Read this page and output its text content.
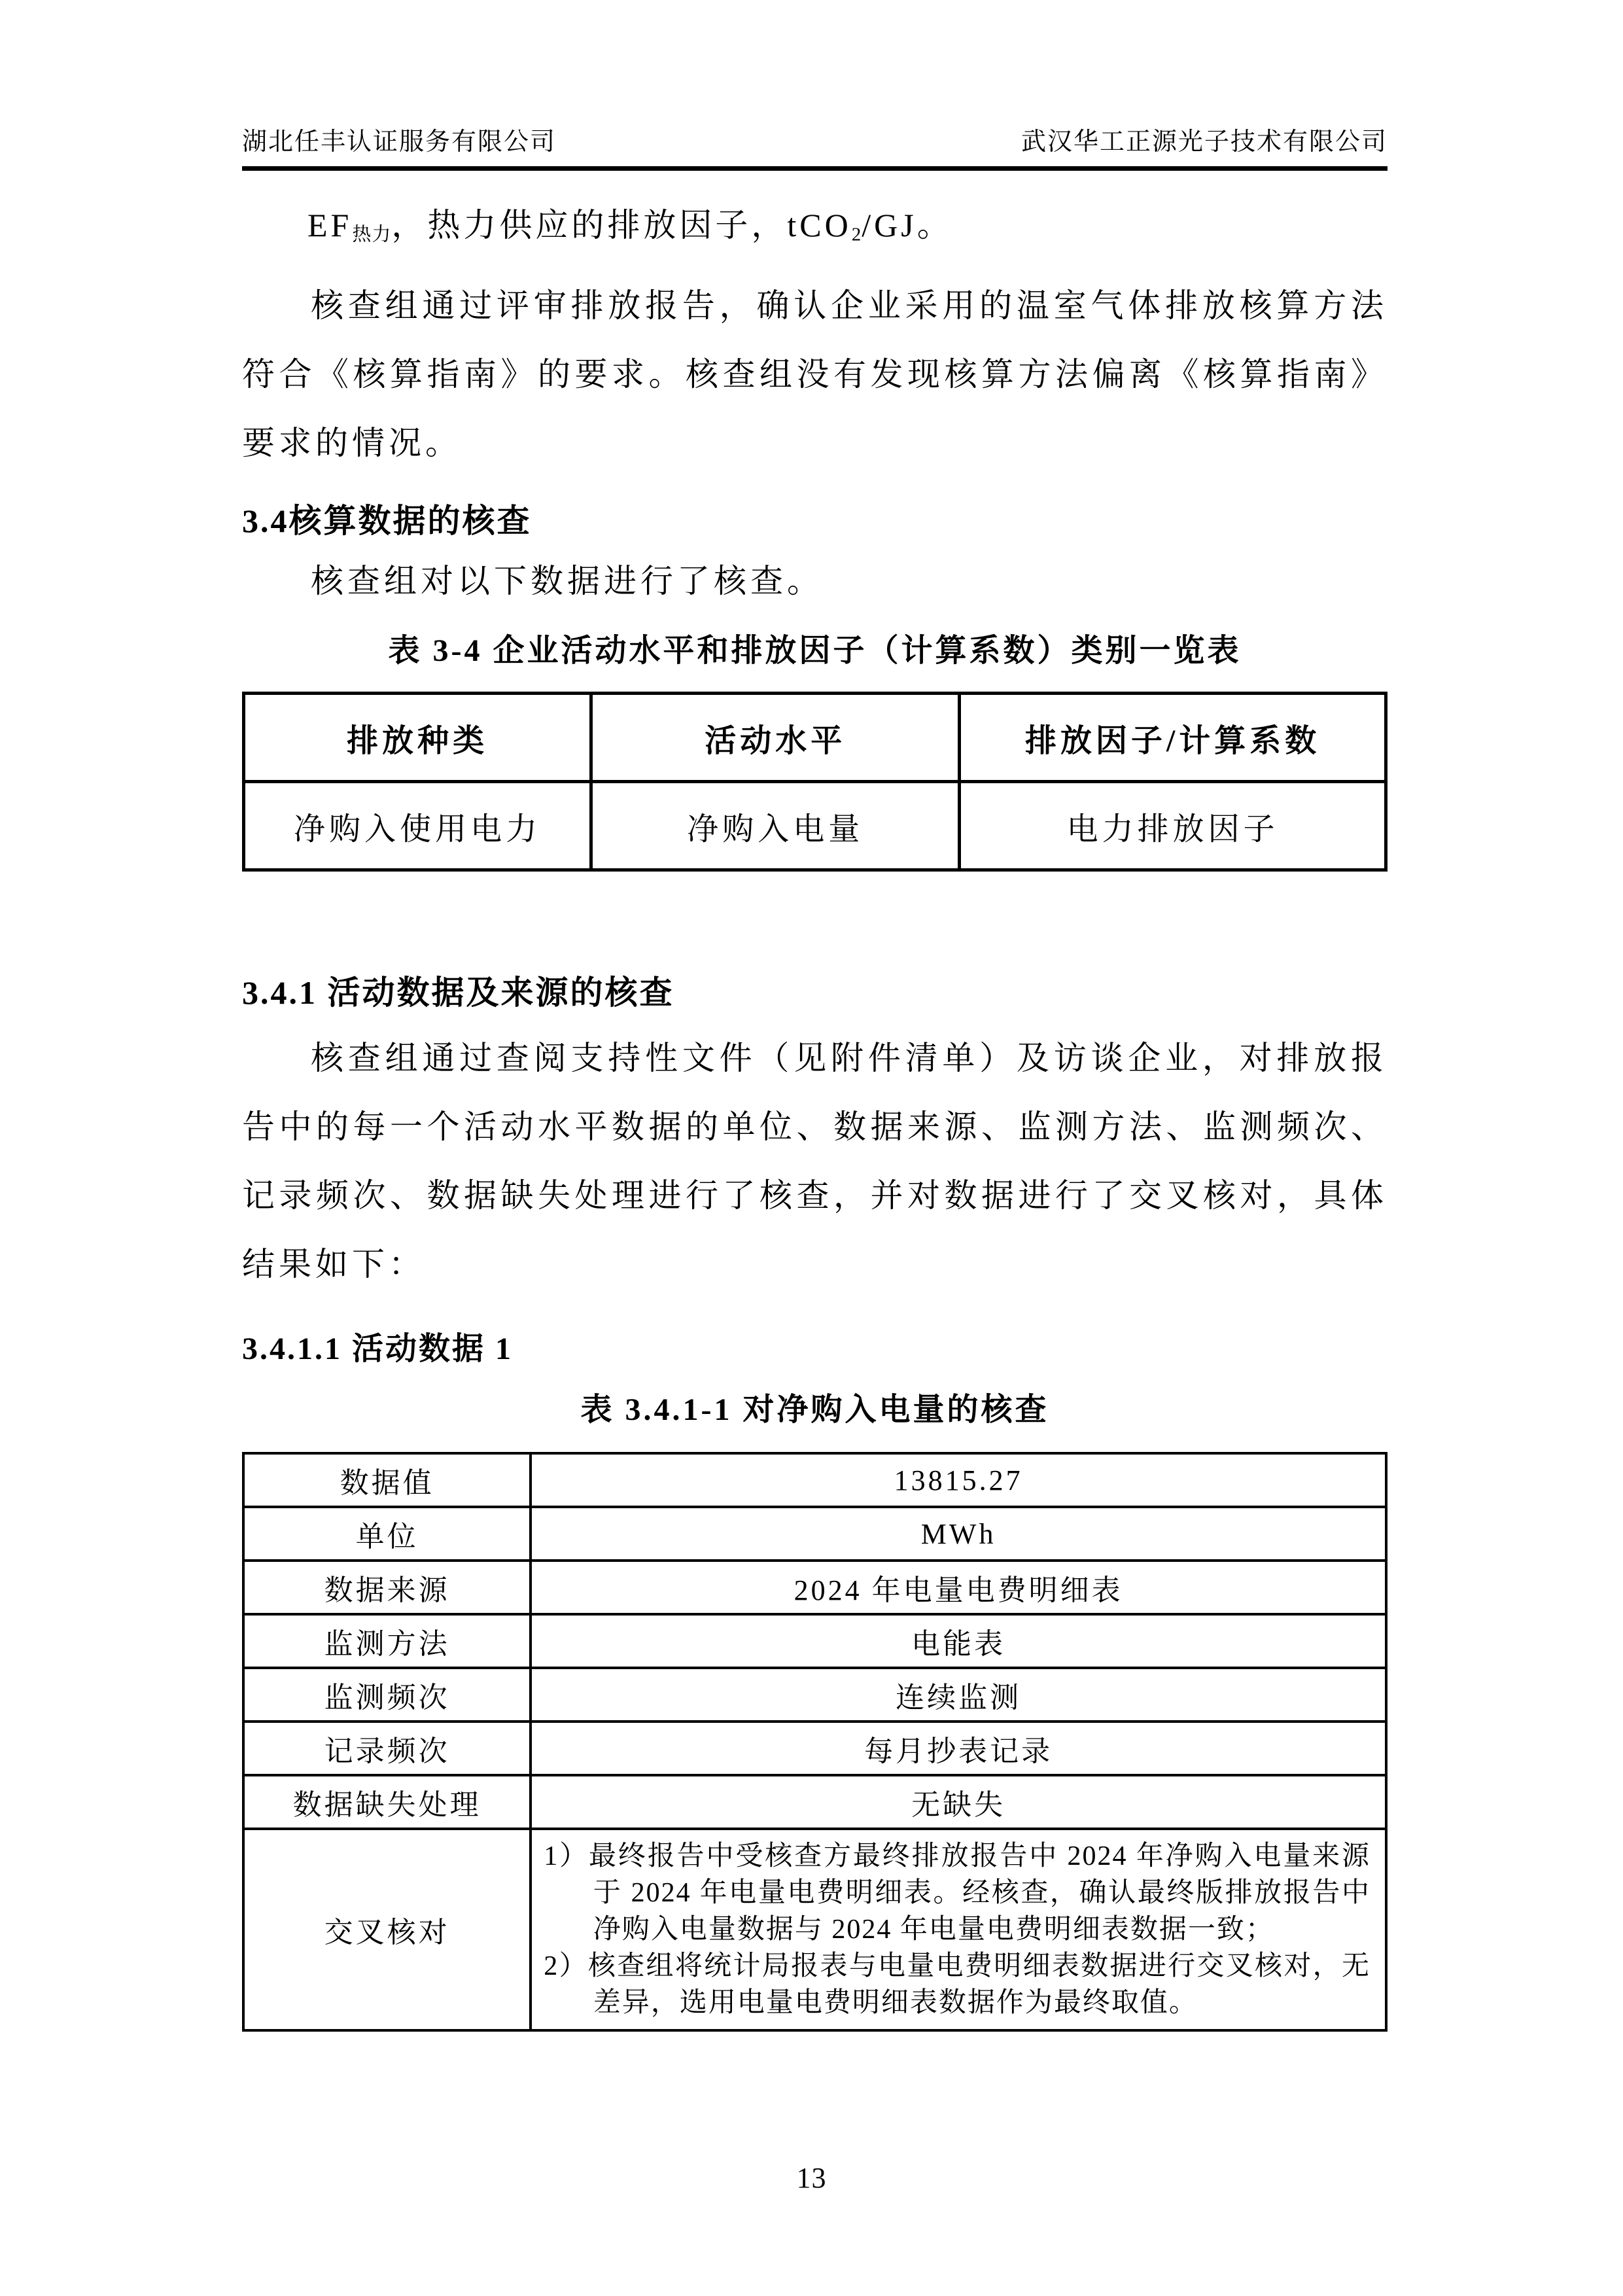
湖北任丰认证服务有限公司	武汉华工正源光子技术有限公司

$EF_{热力}$，热力供应的排放因子，tCO$_2$/GJ。

核查组通过评审排放报告，确认企业采用的温室气体排放核算方法符合《核算指南》的要求。核查组没有发现核算方法偏离《核算指南》要求的情况。

3.4核算数据的核查

核查组对以下数据进行了核查。

表 3-4 企业活动水平和排放因子（计算系数）类别一览表
排放种类	活动水平	排放因子/计算系数
净购入使用电力	净购入电量	电力排放因子
3.4.1 活动数据及来源的核查

核查组通过查阅支持性文件（见附件清单）及访谈企业，对排放报告中的每一个活动水平数据的单位、数据来源、监测方法、监测频次、记录频次、数据缺失处理进行了核查，并对数据进行了交叉核对，具体结果如下：

3.4.1.1 活动数据 1
表 3.4.1-1 对净购入电量的核查
数据值	13815.27
单位	MWh
数据来源	2024 年电量电费明细表
监测方法	电能表
监测频次	连续监测
记录频次	每月抄表记录
数据缺失处理	无缺失
交叉核对	1）最终报告中受核查方最终排放报告中 2024 年净购入电量来源于 2024 年电量电费明细表。经核查，确认最终版排放报告中净购入电量数据与 2024 年电量电费明细表数据一致；
2）核查组将统计局报表与电量电费明细表数据进行交叉核对，无差异，选用电量电费明细表数据作为最终取值。
13
